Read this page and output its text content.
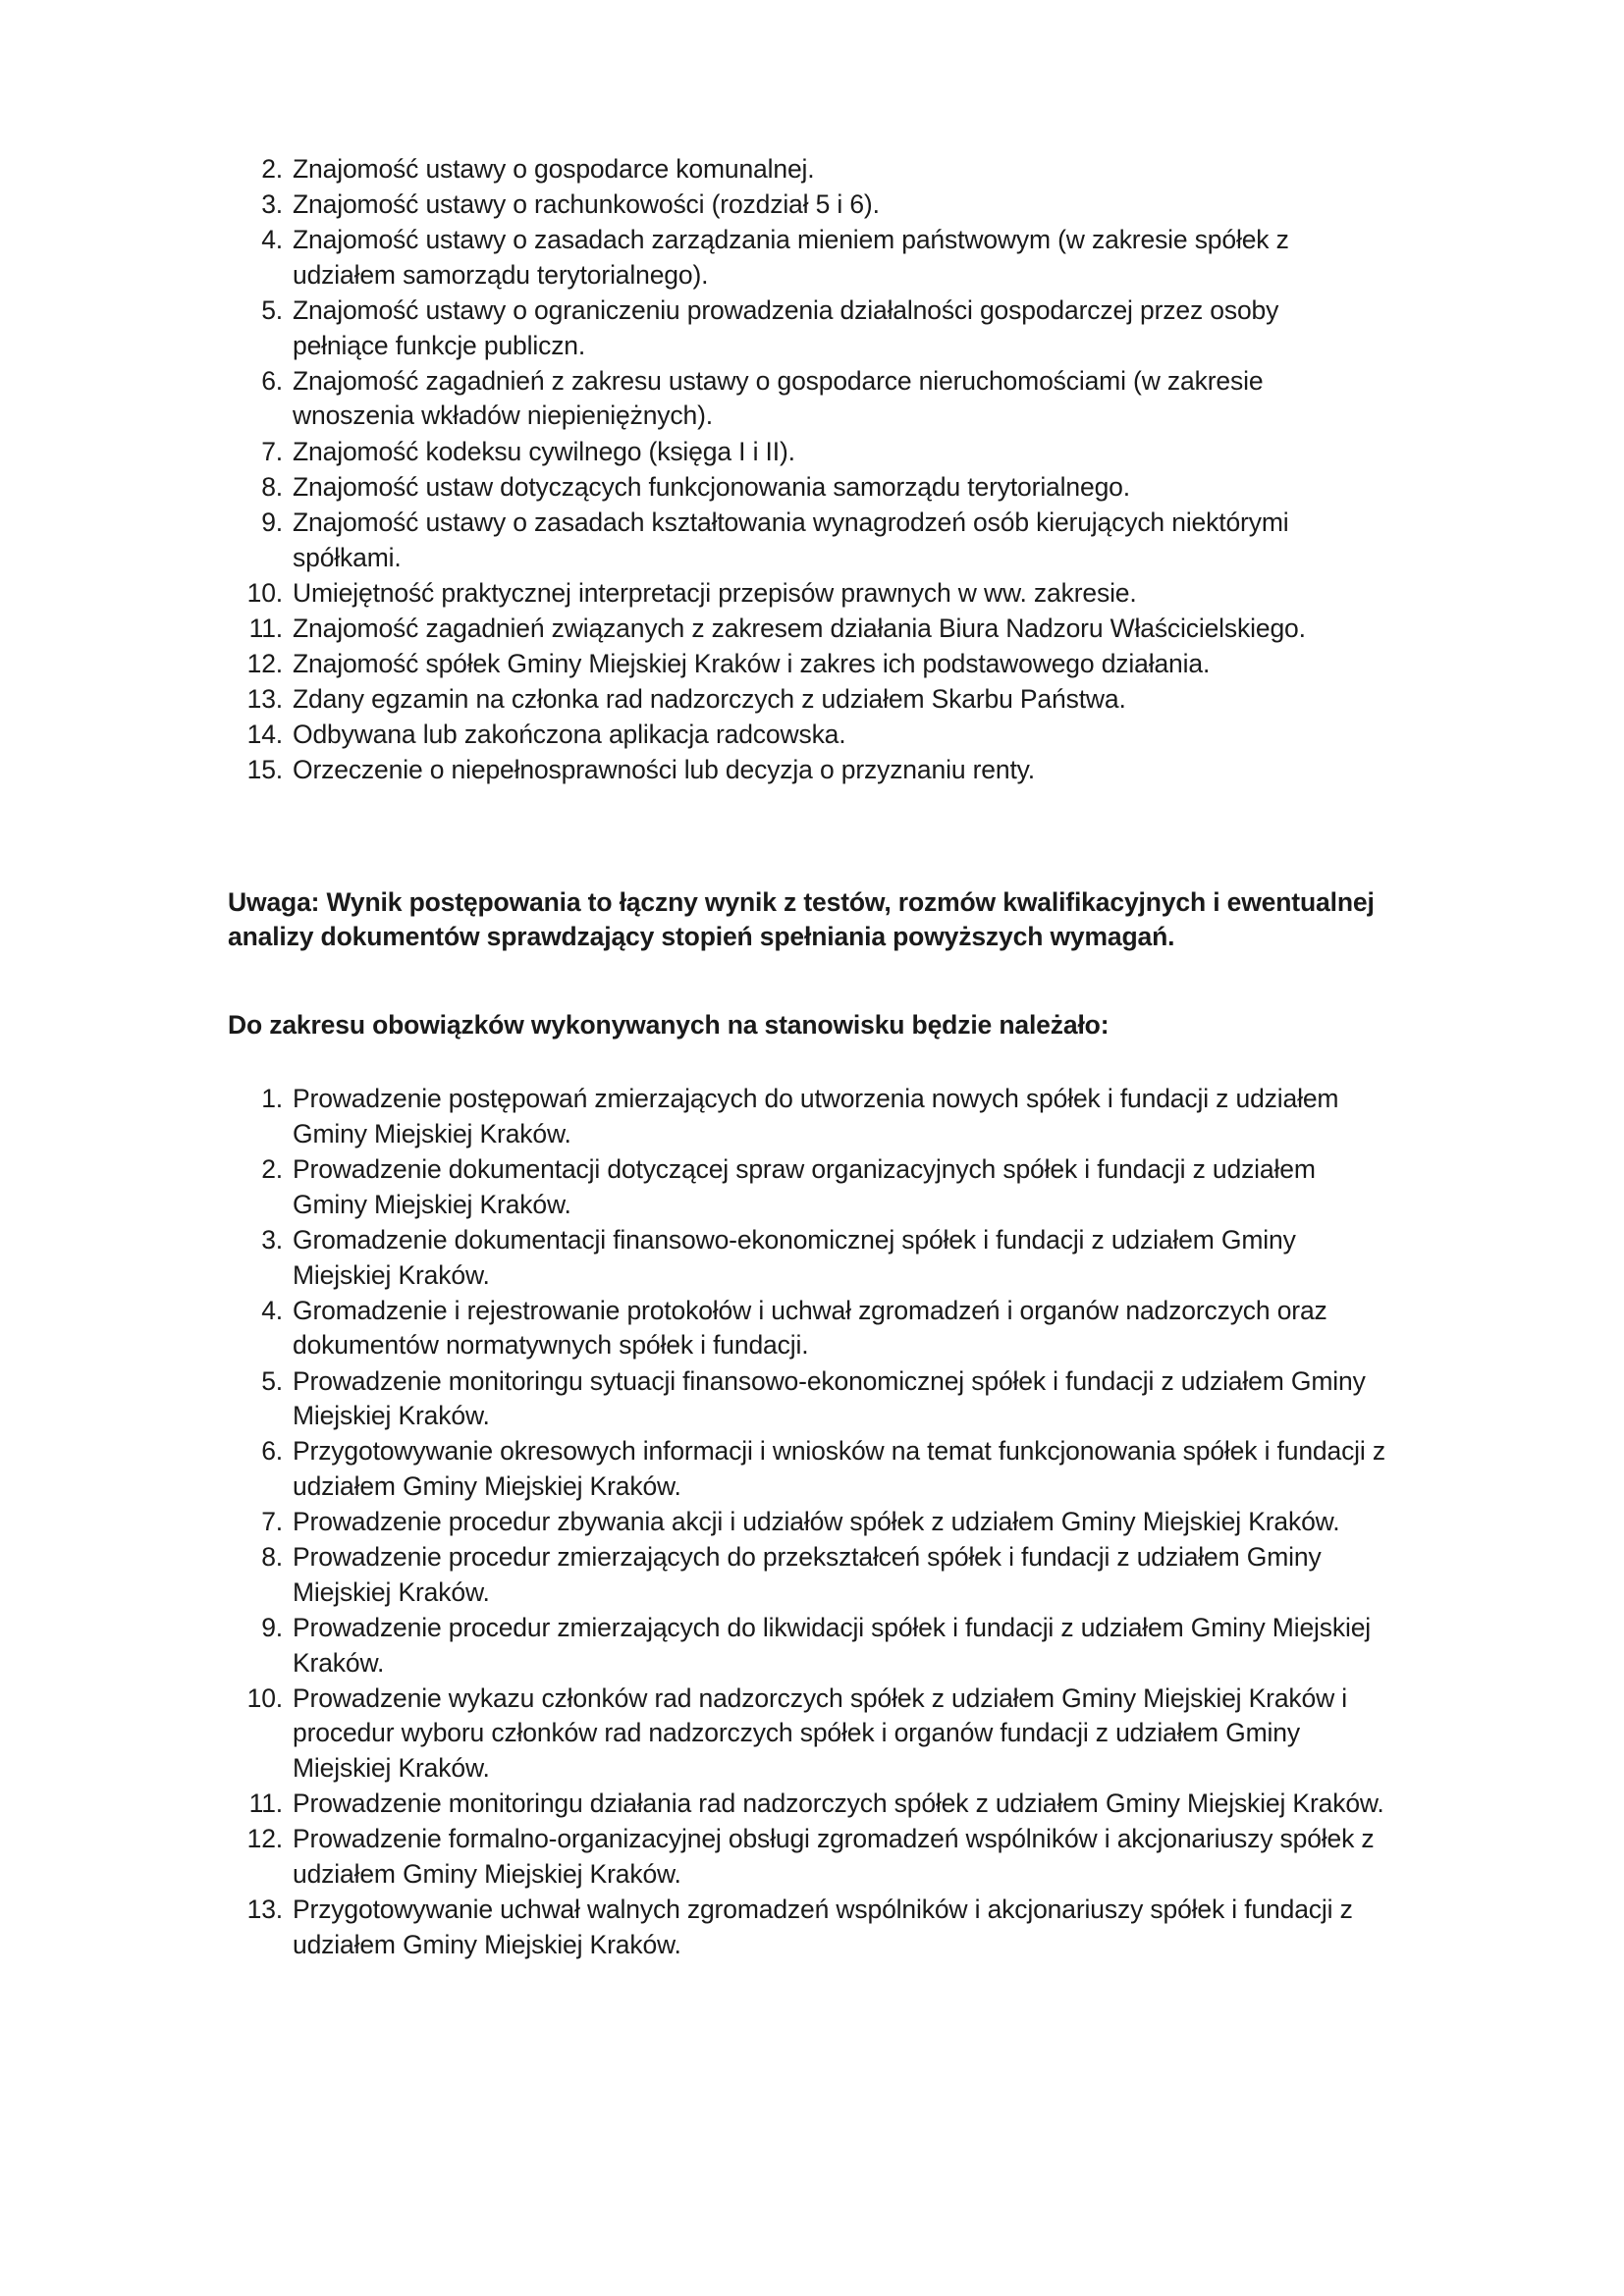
2. Znajomość ustawy o gospodarce komunalnej.
3. Znajomość ustawy o rachunkowości (rozdział 5 i 6).
4. Znajomość ustawy o zasadach zarządzania mieniem państwowym (w zakresie spółek z udziałem samorządu terytorialnego).
5. Znajomość ustawy o ograniczeniu prowadzenia działalności gospodarczej przez osoby pełniące funkcje publiczn.
6. Znajomość zagadnień z zakresu ustawy o gospodarce nieruchomościami (w zakresie wnoszenia wkładów niepieniężnych).
7. Znajomość kodeksu cywilnego (księga I i II).
8. Znajomość ustaw dotyczących funkcjonowania samorządu terytorialnego.
9. Znajomość ustawy o zasadach kształtowania wynagrodzeń osób kierujących niektórymi spółkami.
10. Umiejętność praktycznej interpretacji przepisów prawnych w ww. zakresie.
11. Znajomość zagadnień związanych z zakresem działania Biura Nadzoru Właścicielskiego.
12. Znajomość spółek Gminy Miejskiej Kraków i zakres ich podstawowego działania.
13. Zdany egzamin na członka rad nadzorczych z udziałem Skarbu Państwa.
14. Odbywana lub zakończona aplikacja radcowska.
15. Orzeczenie o niepełnosprawności lub decyzja o przyznaniu renty.

Uwaga: Wynik postępowania to łączny wynik z testów, rozmów kwalifikacyjnych i ewentualnej analizy dokumentów sprawdzający stopień spełniania powyższych wymagań.

Do zakresu obowiązków wykonywanych na stanowisku będzie należało:

1. Prowadzenie postępowań zmierzających do utworzenia nowych spółek i fundacji z udziałem Gminy Miejskiej Kraków.
2. Prowadzenie dokumentacji dotyczącej spraw organizacyjnych spółek i fundacji z udziałem Gminy Miejskiej Kraków.
3. Gromadzenie dokumentacji finansowo-ekonomicznej spółek i fundacji z udziałem Gminy Miejskiej Kraków.
4. Gromadzenie i rejestrowanie protokołów i uchwał zgromadzeń i organów nadzorczych oraz dokumentów normatywnych spółek i fundacji.
5. Prowadzenie monitoringu sytuacji finansowo-ekonomicznej spółek i fundacji z udziałem Gminy Miejskiej Kraków.
6. Przygotowywanie okresowych informacji i wniosków na temat funkcjonowania spółek i fundacji z udziałem Gminy Miejskiej Kraków.
7. Prowadzenie procedur zbywania akcji i udziałów spółek z udziałem Gminy Miejskiej Kraków.
8. Prowadzenie procedur zmierzających do przekształceń spółek i fundacji z udziałem Gminy Miejskiej Kraków.
9. Prowadzenie procedur zmierzających do likwidacji spółek i fundacji z udziałem Gminy Miejskiej Kraków.
10. Prowadzenie wykazu członków rad nadzorczych spółek z udziałem Gminy Miejskiej Kraków i procedur wyboru członków rad nadzorczych spółek i organów fundacji z udziałem Gminy Miejskiej Kraków.
11. Prowadzenie monitoringu działania rad nadzorczych spółek z udziałem Gminy Miejskiej Kraków.
12. Prowadzenie formalno-organizacyjnej obsługi zgromadzeń wspólników i akcjonariuszy spółek z udziałem Gminy Miejskiej Kraków.
13. Przygotowywanie uchwał walnych zgromadzeń wspólników i akcjonariuszy spółek i fundacji z udziałem Gminy Miejskiej Kraków.
